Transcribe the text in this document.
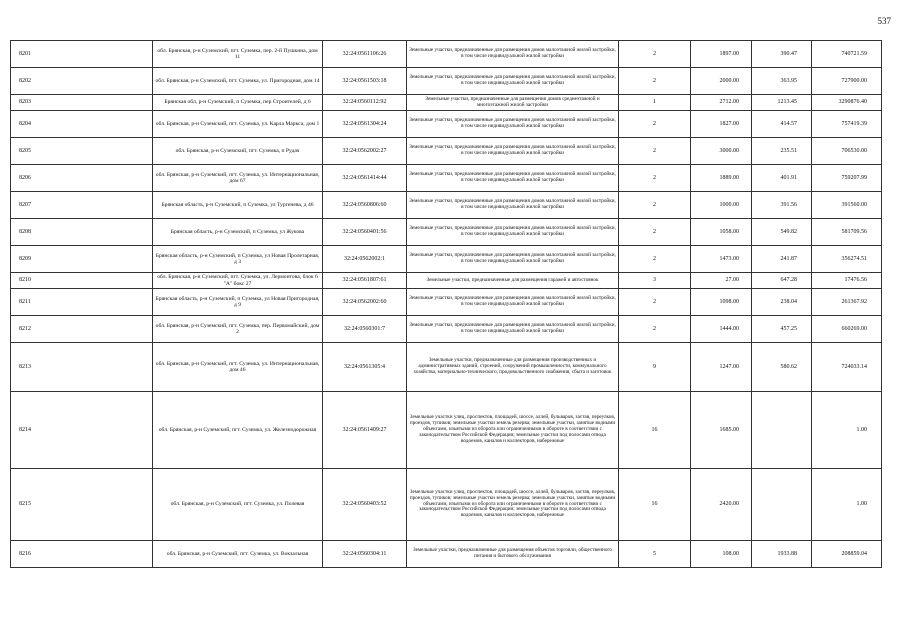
537
8201	обл. Брянская, р-н Суземский, пгт. Суземка, пер. 2-й Пушкина, дом 11	32:24:0561106:26	Земельные участки, предназначенные для размещения домов малоэтажной жилой застройки, в том числе индивидуальной жилой застройки	2	1897.00	390.47	740721.59
8202	обл. Брянская, р-н Суземский, пгт. Суземка, ул. Пригородная, дом 14	32:24:0561503:18	Земельные участки, предназначенные для размещения домов малоэтажной жилой застройки, в том числе индивидуальной жилой застройки	2	2000.00	363.95	727900.00
8203	Брянская обл, р-н Суземский, п Суземка, пер Строителей, д 6	32:24:0560112:92	Земельные участки, предназначенные для размещения домов среднеэтажной и многоэтажной жилой застройки	1	2712.00	1213.45	3290876.40
8204	обл. Брянская, р-н Суземский, пгт. Суземка, ул. Карла Маркса, дом 1	32:24:0561304:24	Земельные участки, предназначенные для размещения домов малоэтажной жилой застройки, в том числе индивидуальной жилой застройки	2	1827.00	414.57	757419.39
8205	обл. Брянская, р-н Суземский, пгт. Суземка, п Рудач	32:24:0562002:27	Земельные участки, предназначенные для размещения домов малоэтажной жилой застройки, в том числе индивидуальной жилой застройки	2	3000.00	235.51	706530.00
8206	обл. Брянская, р-н Суземский, пгт. Суземка, ул. Интернациональная, дом 67	32:24:0561414:44	Земельные участки, предназначенные для размещения домов малоэтажной жилой застройки, в том числе индивидуальной жилой застройки	2	1889.00	401.91	759207.99
8207	Брянская область, р-н Суземский, п Суземка, ул Тургенева, д 46	32:24:0560806:60	Земельные участки, предназначенные для размещения домов малоэтажной жилой застройки, в том числе индивидуальной жилой застройки	2	1000.00	391.56	391560.00
8208	Брянская область, р-н Суземский, п Суземка, ул Жукова	32:24:0560401:56	Земельные участки, предназначенные для размещения домов малоэтажной жилой застройки, в том числе индивидуальной жилой застройки	2	1058.00	549.82	581709.56
8209	Брянская область, р-н Суземский, п Суземка, ул Новая Пролетарная, д 3	32:24:0562002:1	Земельные участки, предназначенные для размещения домов малоэтажной жилой застройки, в том числе индивидуальной жилой застройки	2	1473.00	241.87	356274.51
8210	обл. Брянская, р-н Суземский, пгт. Суземка, ул. Лермонтова, блок 6 "А" бокс 27	32:24:0561807:61	Земельные участки, предназначенные для размещения гаражей и автостоянок	3	27.00	647.28	17476.56
8211	Брянская область, р-н Суземский, п Суземка, ул Новая Пригородная, д 9	32:24:0562002:60	Земельные участки, предназначенные для размещения домов малоэтажной жилой застройки, в том числе индивидуальной жилой застройки	2	1098.00	238.04	261367.92
8212	обл. Брянская, р-н Суземский, пгт. Суземка, пер. Первомайский, дом 2	32:24:0560301:7	Земельные участки, предназначенные для размещения домов малоэтажной жилой застройки, в том числе индивидуальной жилой застройки	2	1444.00	457.25	660269.00
8213	обл. Брянская, р-н Суземский, пгт. Суземка, ул. Интернациональная, дом 46	32:24:0561305:4	Земельные участки, предназначенные для размещения производственных и административных зданий, строений, сооружений промышленности, коммунального хозяйства, материально-технического, продовольственного снабжения, сбыта и заготовок	9	1247.00	580.62	724033.14
8214	обл. Брянская, р-н Суземский, пгт. Суземка, ул. Железнодорожная	32:24:0561409:27	Земельные участки улиц, проспектов, площадей, шоссе, аллей, бульваров, застав, переулков, проездов, тупиков; земельные участки земель резерва; земельные участки, занятые водными объектами, изъятыми из оборота или ограниченными в обороте в соответствии с законодательством Российской Федерации; земельные участки под полосами отвода водоемов, каналов и коллекторов, набережные	16	1685.00		1.00
8215	обл. Брянская, р-н Суземский, пгт. Суземка, ул. Полевая	32:24:0560403:52	Земельные участки улиц, проспектов, площадей, шоссе, аллей, бульваров, застав, переулков, проездов, тупиков; земельные участки земель резерва; земельные участки, занятые водными объектами, изъятыми из оборота или ограниченными в обороте в соответствии с законодательством Российской Федерации; земельные участки под полосами отвода водоемов, каналов и коллекторов, набережные	16	2420.00		1.00
8216	обл. Брянская, р-н Суземский, пгт. Суземка, ул. Вокзальная	32:24:0560304:11	Земельные участки, предназначенные для размещения объектов торговли, общественного питания и бытового обслуживания	5	108.00	1933.88	208859.04
